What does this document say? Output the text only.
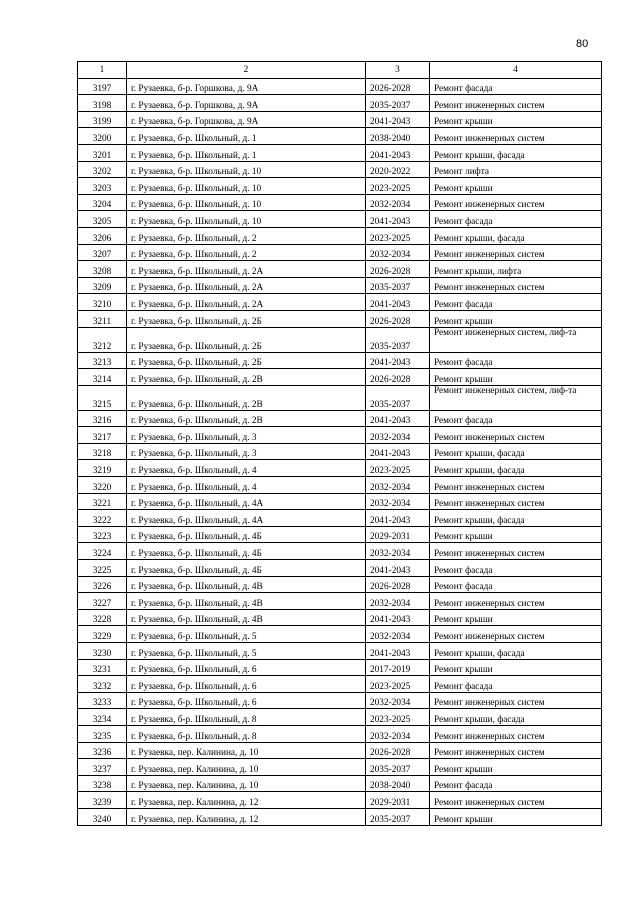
80
1	2	3	4
3197	г. Рузаевка, б-р. Горшкова, д. 9А	2026-2028	Ремонт фасада
3198	г. Рузаевка, б-р. Горшкова, д. 9А	2035-2037	Ремонт инженерных систем
3199	г. Рузаевка, б-р. Горшкова, д. 9А	2041-2043	Ремонт крыши
3200	г. Рузаевка, б-р. Школьный, д. 1	2038-2040	Ремонт инженерных систем
3201	г. Рузаевка, б-р. Школьный, д. 1	2041-2043	Ремонт крыши, фасада
3202	г. Рузаевка, б-р. Школьный, д. 10	2020-2022	Ремонт лифта
3203	г. Рузаевка, б-р. Школьный, д. 10	2023-2025	Ремонт крыши
3204	г. Рузаевка, б-р. Школьный, д. 10	2032-2034	Ремонт инженерных систем
3205	г. Рузаевка, б-р. Школьный, д. 10	2041-2043	Ремонт фасада
3206	г. Рузаевка, б-р. Школьный, д. 2	2023-2025	Ремонт крыши, фасада
3207	г. Рузаевка, б-р. Школьный, д. 2	2032-2034	Ремонт инженерных систем
3208	г. Рузаевка, б-р. Школьный, д. 2А	2026-2028	Ремонт крыши, лифта
3209	г. Рузаевка, б-р. Школьный, д. 2А	2035-2037	Ремонт инженерных систем
3210	г. Рузаевка, б-р. Школьный, д. 2А	2041-2043	Ремонт фасада
3211	г. Рузаевка, б-р. Школьный, д. 2Б	2026-2028	Ремонт крыши
3212	г. Рузаевка, б-р. Школьный, д. 2Б	2035-2037	Ремонт инженерных систем, лиф-та
3213	г. Рузаевка, б-р. Школьный, д. 2Б	2041-2043	Ремонт фасада
3214	г. Рузаевка, б-р. Школьный, д. 2В	2026-2028	Ремонт крыши
3215	г. Рузаевка, б-р. Школьный, д. 2В	2035-2037	Ремонт инженерных систем, лиф-та
3216	г. Рузаевка, б-р. Школьный, д. 2В	2041-2043	Ремонт фасада
3217	г. Рузаевка, б-р. Школьный, д. 3	2032-2034	Ремонт инженерных систем
3218	г. Рузаевка, б-р. Школьный, д. 3	2041-2043	Ремонт крыши, фасада
3219	г. Рузаевка, б-р. Школьный, д. 4	2023-2025	Ремонт крыши, фасада
3220	г. Рузаевка, б-р. Школьный, д. 4	2032-2034	Ремонт инженерных систем
3221	г. Рузаевка, б-р. Школьный, д. 4А	2032-2034	Ремонт инженерных систем
3222	г. Рузаевка, б-р. Школьный, д. 4А	2041-2043	Ремонт крыши, фасада
3223	г. Рузаевка, б-р. Школьный, д. 4Б	2029-2031	Ремонт крыши
3224	г. Рузаевка, б-р. Школьный, д. 4Б	2032-2034	Ремонт инженерных систем
3225	г. Рузаевка, б-р. Школьный, д. 4Б	2041-2043	Ремонт фасада
3226	г. Рузаевка, б-р. Школьный, д. 4В	2026-2028	Ремонт фасада
3227	г. Рузаевка, б-р. Школьный, д. 4В	2032-2034	Ремонт инженерных систем
3228	г. Рузаевка, б-р. Школьный, д. 4В	2041-2043	Ремонт крыши
3229	г. Рузаевка, б-р. Школьный, д. 5	2032-2034	Ремонт инженерных систем
3230	г. Рузаевка, б-р. Школьный, д. 5	2041-2043	Ремонт крыши, фасада
3231	г. Рузаевка, б-р. Школьный, д. 6	2017-2019	Ремонт крыши
3232	г. Рузаевка, б-р. Школьный, д. 6	2023-2025	Ремонт фасада
3233	г. Рузаевка, б-р. Школьный, д. 6	2032-2034	Ремонт инженерных систем
3234	г. Рузаевка, б-р. Школьный, д. 8	2023-2025	Ремонт крыши, фасада
3235	г. Рузаевка, б-р. Школьный, д. 8	2032-2034	Ремонт инженерных систем
3236	г. Рузаевка, пер. Калинина, д. 10	2026-2028	Ремонт инженерных систем
3237	г. Рузаевка, пер. Калинина, д. 10	2035-2037	Ремонт крыши
3238	г. Рузаевка, пер. Калинина, д. 10	2038-2040	Ремонт фасада
3239	г. Рузаевка, пер. Калинина, д. 12	2029-2031	Ремонт инженерных систем
3240	г. Рузаевка, пер. Калинина, д. 12	2035-2037	Ремонт крыши
